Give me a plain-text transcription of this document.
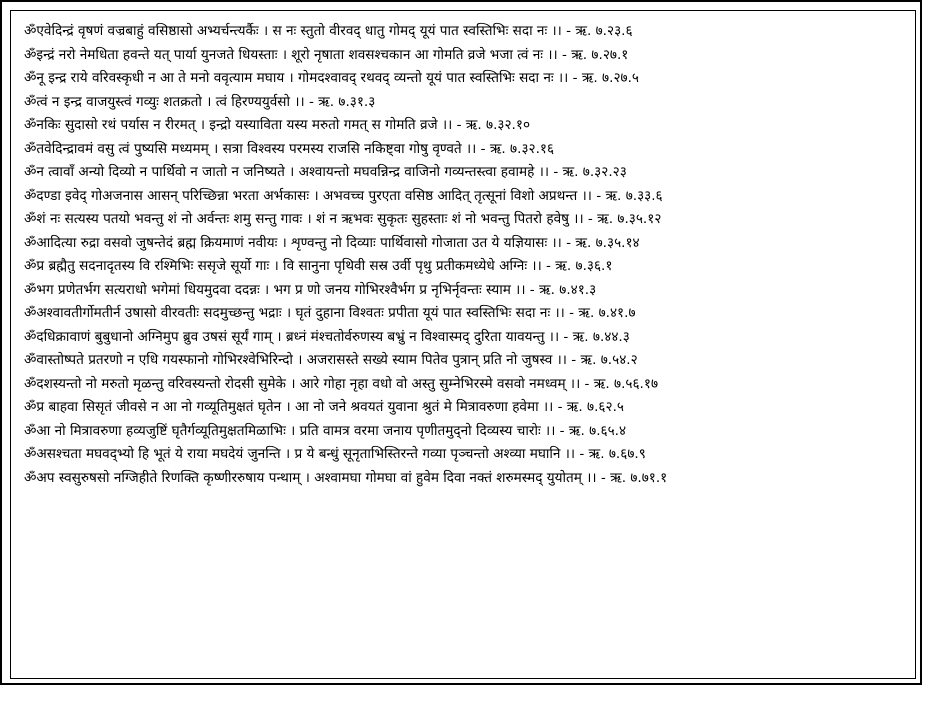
ॐएवेदिन्द्रं वृषणं वज्रबाहुं वसिष्ठासो अभ्यर्चन्त्यर्कैः । स नः स्तुतो वीरवद् धातु गोमद् यूयं पात स्वस्तिभिः सदा नः ।। - ऋ. ७.२३.६
ॐइन्द्रं नरो नेमधिता हवन्ते यत् पार्या युनजते धियस्ताः । शूरो नृषाता शवसश्चकान आ गोमति व्रजे भजा त्वं नः ।। - ऋ. ७.२७.१
ॐनू इन्द्र राये वरिवस्कृधी न आ ते मनो ववृत्याम मघाय । गोमदश्वावद् रथवद् व्यन्तो यूयं पात स्वस्तिभिः सदा नः ।। - ऋ. ७.२७.५
ॐत्वं न इन्द्र वाजयुस्त्वं गव्युः शतक्रतो । त्वं हिरण्ययुर्वसो ।। - ऋ. ७.३१.३
ॐनकिः सुदासो रथं पर्यास न रीरमत् । इन्द्रो यस्याविता यस्य मरुतो गमत् स गोमति व्रजे ।। - ऋ. ७.३२.१०
ॐतवेदिन्द्रावमं वसु त्वं पुष्यसि मध्यमम् । सत्रा विश्वस्य परमस्य राजसि नकिष्ट्वा गोषु वृण्वते ।। - ऋ. ७.३२.१६
ॐन त्वावाँ अन्यो दिव्यो न पार्थिवो न जातो न जनिष्यते । अश्वायन्तो मघवन्निन्द्र वाजिनो गव्यन्तस्त्वा हवामहे ।। - ऋ. ७.३२.२३
ॐदण्डा इवेद् गोअजनास आसन् परिच्छिन्ना भरता अर्भकासः । अभवच्च पुरएता वसिष्ठ आदित् तृत्सूनां विशो अप्रथन्त ।। - ऋ. ७.३३.६
ॐशं नः सत्यस्य पतयो भवन्तु शं नो अर्वन्तः शमु सन्तु गावः । शं न ऋभवः सुकृतः सुहस्ताः शं नो भवन्तु पितरो हवेषु ।। - ऋ. ७.३५.१२
ॐआदित्या रुद्रा वसवो जुषन्तेदं ब्रह्म क्रियमाणं नवीयः । शृण्वन्तु नो दिव्याः पार्थिवासो गोजाता उत ये यज्ञियासः ।। - ऋ. ७.३५.१४
ॐप्र ब्रह्मैतु सदनादृतस्य वि रश्मिभिः ससृजे सूर्यो गाः । वि सानुना पृथिवी सस्र उर्वी पृथु प्रतीकमध्येधे अग्निः ।। - ऋ. ७.३६.१
ॐभग प्रणेतर्भग सत्यराधो भगेमां धियमुदवा ददन्नः । भग प्र णो जनय गोभिरश्वैर्भग प्र नृभिर्नृवन्तः स्याम ।। - ऋ. ७.४१.३
ॐअश्वावतीर्गोमतीर्न उषासो वीरवतीः सदमुच्छन्तु भद्राः । घृतं दुहाना विश्वतः प्रपीता यूयं पात स्वस्तिभिः सदा नः ।। - ऋ. ७.४१.७
ॐदधिक्रावाणं बुबुधानो अग्निमुप ब्रुव उषसं सूर्यं गाम् । ब्रध्नं मंश्चतोर्वरुणस्य बभ्रुं न विश्वास्मद् दुरिता यावयन्तु ।। - ऋ. ७.४४.३
ॐवास्तोष्पते प्रतरणो न एधि गयस्फानो गोभिरश्वेभिरिन्दो । अजरासस्ते सख्ये स्याम पितेव पुत्रान् प्रति नो जुषस्व ।। - ऋ. ७.५४.२
ॐदशस्यन्तो नो मरुतो मृळन्तु वरिवस्यन्तो रोदसी सुमेके । आरे गोहा नृहा वधो वो अस्तु सुम्नेभिरस्मे वसवो नमध्वम् ।। - ऋ. ७.५६.१७
ॐप्र बाहवा सिसृतं जीवसे न आ नो गव्यूतिमुक्षतं घृतेन । आ नो जने श्रवयतं युवाना श्रुतं मे मित्रावरुणा हवेमा ।। - ऋ. ७.६२.५
ॐआ नो मित्रावरुणा हव्यजुष्टिं घृतैर्गव्यूतिमुक्षतमिळाभिः । प्रति वामत्र वरमा जनाय पृणीतमुद्नो दिव्यस्य चारोः ।। - ऋ. ७.६५.४
ॐअसश्चता मघवद्भ्यो हि भूतं ये राया मघदेयं जुनन्ति । प्र ये बन्धुं सूनृताभिस्तिरन्ते गव्या पृञ्चन्तो अश्व्या मघानि ।। - ऋ. ७.६७.९
ॐअप स्वसुरुषसो नग्जिहीते रिणक्ति कृष्णीररुषाय पन्थाम् । अश्वामघा गोमघा वां हुवेम दिवा नक्तं शरुमस्मद् युयोतम् ।। - ऋ. ७.७१.१
